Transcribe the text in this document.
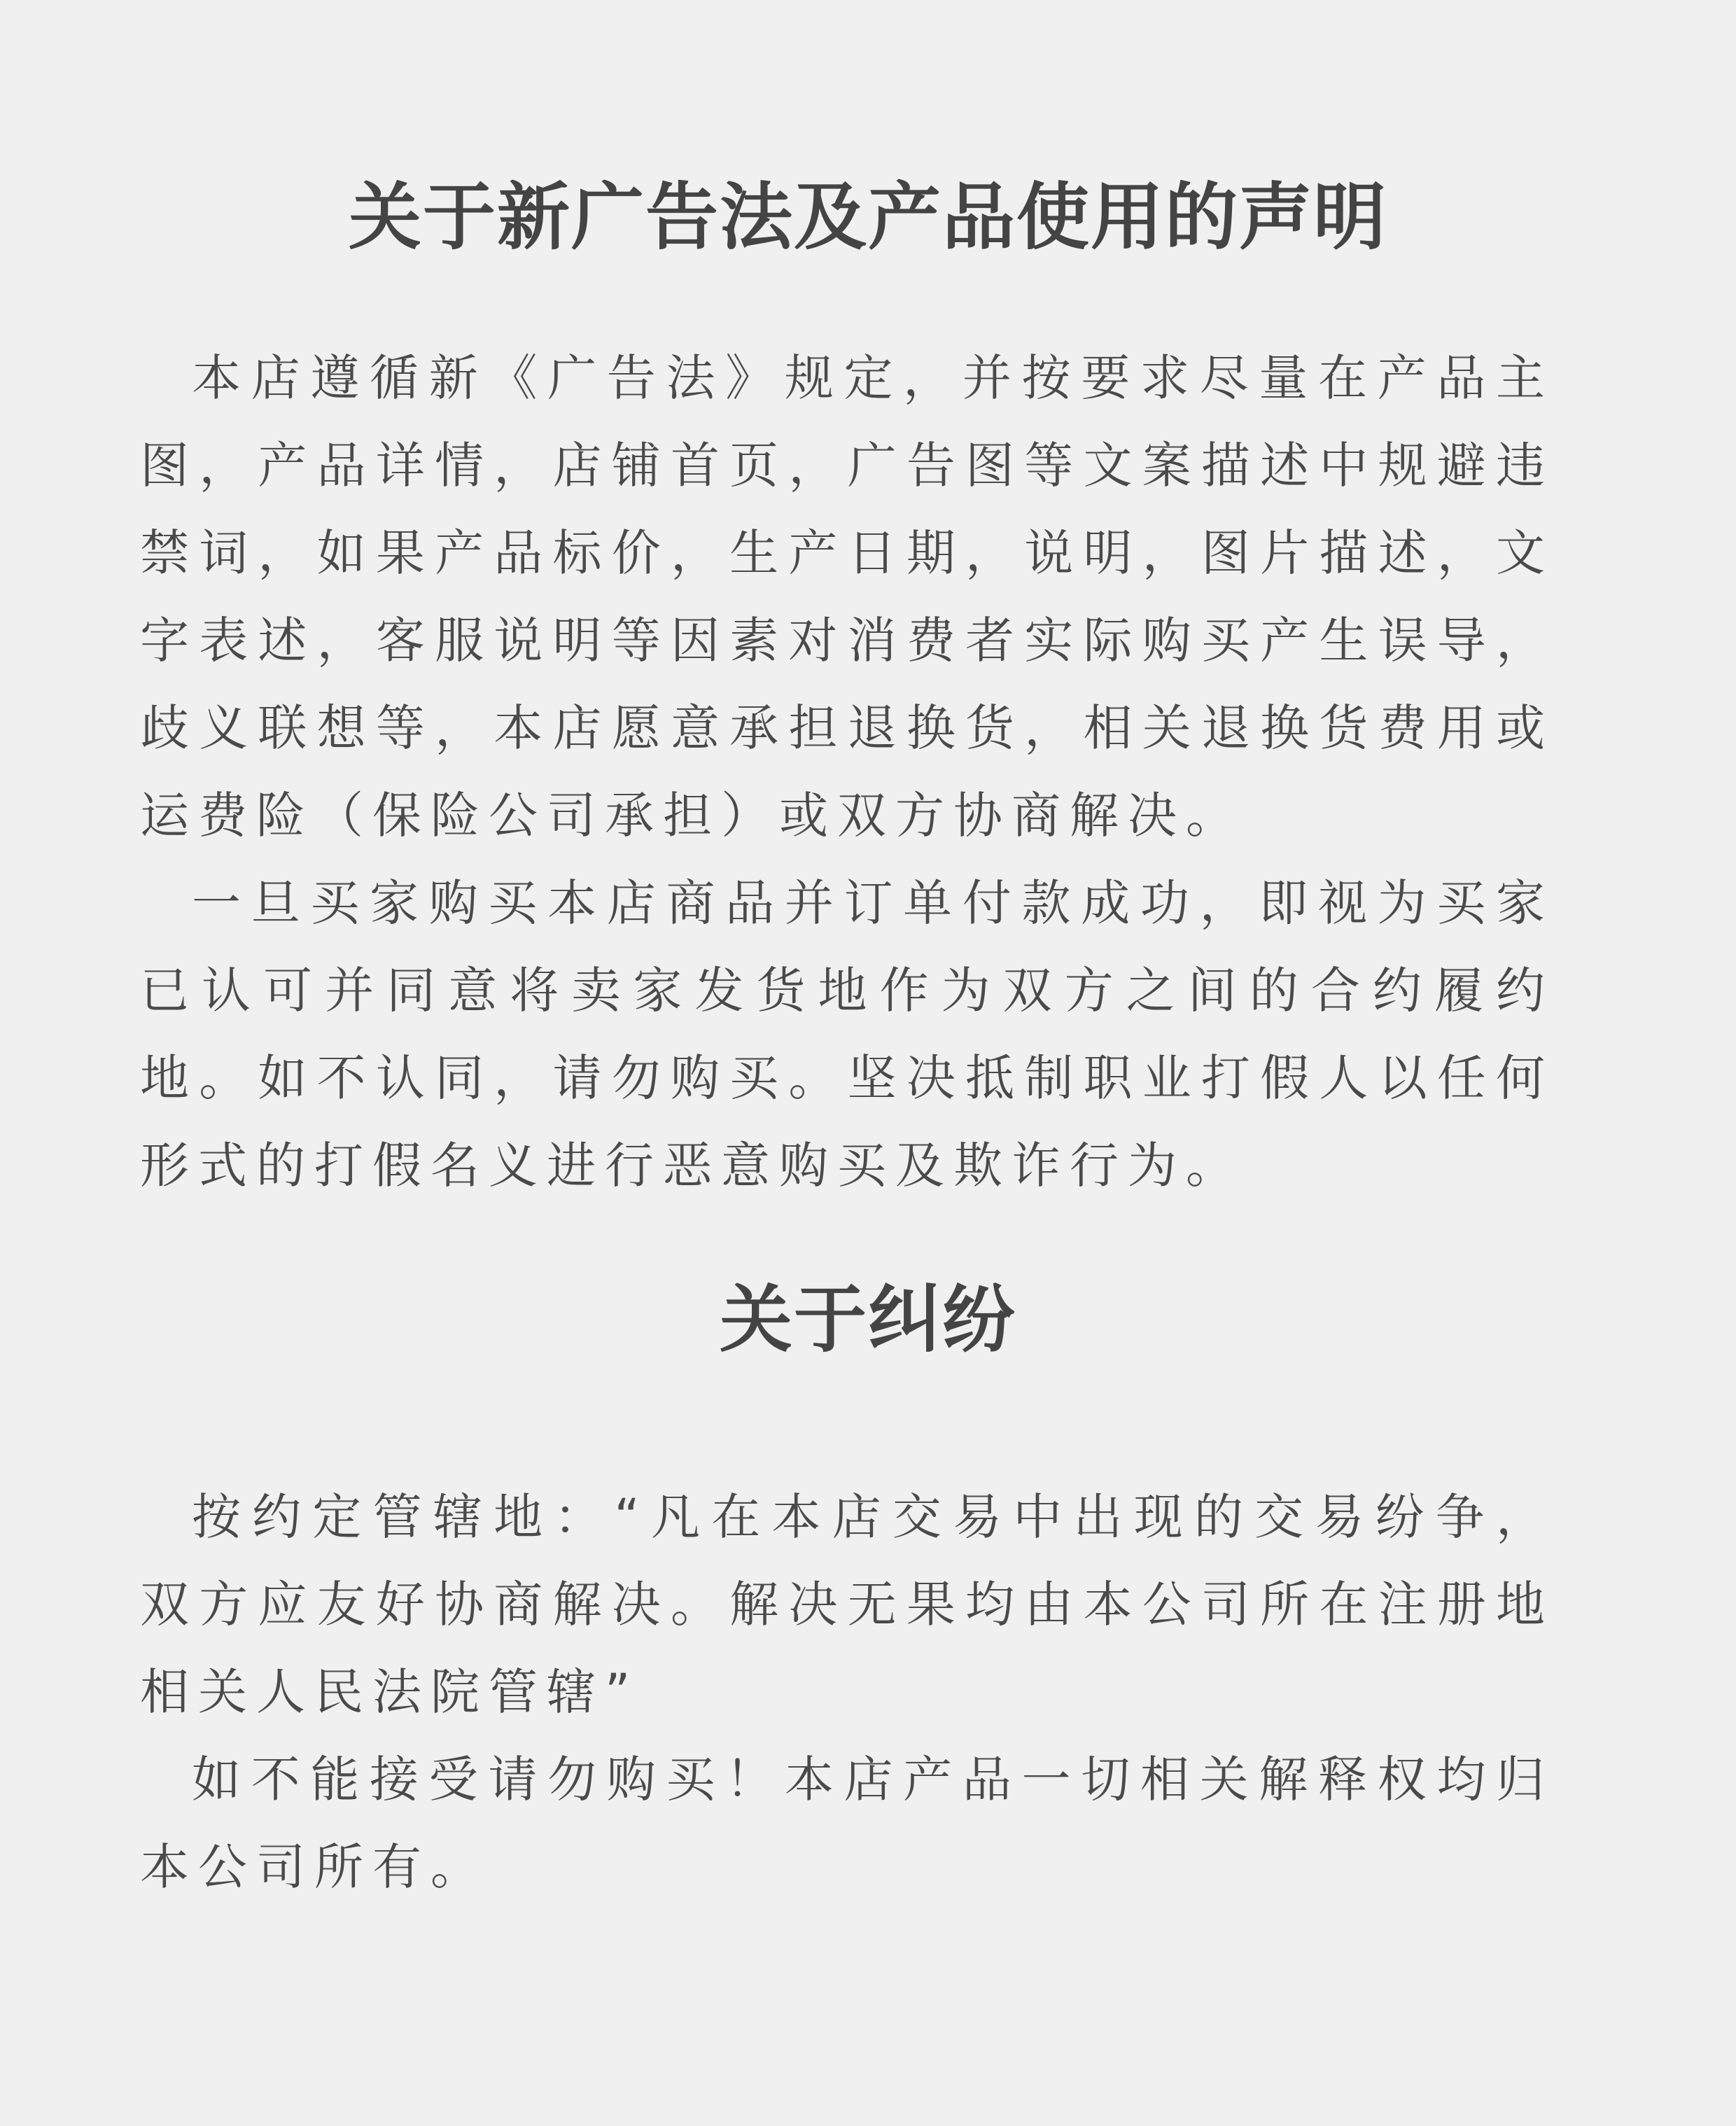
关于新广告法及产品使用的声明

本店遵循新《广告法》规定，并按要求尽量在产品主图，产品详情，店铺首页，广告图等文案描述中规避违禁词，如果产品标价，生产日期，说明，图片描述，文字表述，客服说明等因素对消费者实际购买产生误导，歧义联想等，本店愿意承担退换货，相关退换货费用或运费险（保险公司承担）或双方协商解决。

一旦买家购买本店商品并订单付款成功，即视为买家已认可并同意将卖家发货地作为双方之间的合约履约地。如不认同，请勿购买。坚决抵制职业打假人以任何形式的打假名义进行恶意购买及欺诈行为。

关于纠纷

按约定管辖地：“凡在本店交易中出现的交易纷争，双方应友好协商解决。解决无果均由本公司所在注册地相关人民法院管辖”

如不能接受请勿购买！本店产品一切相关解释权均归本公司所有。
